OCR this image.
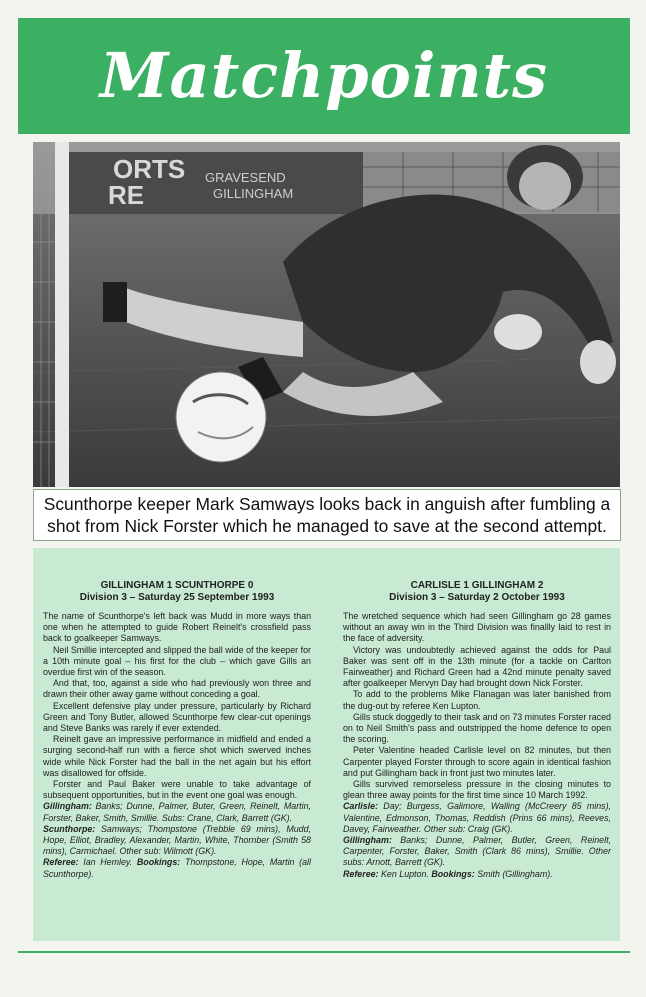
Matchpoints
ORTS
RE
GRAVESEND
GILLINGHAM

Scunthorpe keeper Mark Samways looks back in anguish after fumbling a shot from Nick Forster which he managed to save at the second attempt.

GILLINGHAM 1 SCUNTHORPE 0
Division 3 – Saturday 25 September 1993

The name of Scunthorpe's left back was Mudd in more ways than one when he attempted to guide Robert Reinelt's crossfield pass back to goalkeeper Samways.

Neil Smillie intercepted and slipped the ball wide of the keeper for a 10th minute goal – his first for the club – which gave Gills an overdue first win of the season.

And that, too, against a side who had previously won three and drawn their other away game without conceding a goal.

Excellent defensive play under pressure, particularly by Richard Green and Tony Butler, allowed Scunthorpe few clear-cut openings and Steve Banks was rarely if ever extended.

Reinelt gave an impressive performance in midfield and ended a surging second-half run with a fierce shot which swerved inches wide while Nick Forster had the ball in the net again but his effort was disallowed for offside.

Forster and Paul Baker were unable to take advantage of subsequent opportunities, but in the event one goal was enough.

Gillingham: Banks; Dunne, Palmer, Buter, Green, Reinelt, Martin, Forster, Baker, Smith, Smillie. Subs: Crane, Clark, Barrett (GK).

Scunthorpe: Samways; Thompstone (Trebble 69 mins), Mudd, Hope, Elliot, Bradley, Alexander, Martin, White, Thornber (Smith 58 mins), Carmichael. Other sub: Wilmott (GK).

Referee: Ian Hemley. Bookings: Thompstone, Hope, Martin (all Scunthorpe).

CARLISLE 1 GILLINGHAM 2
Division 3 – Saturday 2 October 1993

The wretched sequence which had seen Gillingham go 28 games without an away win in the Third Division was finallly laid to rest in the face of adversity.

Victory was undoubtedly achieved against the odds for Paul Baker was sent off in the 13th minute (for a tackle on Carlton Fairweather) and Richard Green had a 42nd minute penalty saved after goalkeeper Mervyn Day had brought down Nick Forster.

To add to the problems Mike Flanagan was later banished from the dug-out by referee Ken Lupton.

Gills stuck doggedly to their task and on 73 minutes Forster raced on to Neil Smith's pass and outstripped the home defence to open the scoring.

Peter Valentine headed Carlisle level on 82 minutes, but then Carpenter played Forster through to score again in identical fashion and put Gillingham back in front just two minutes later.

Gills survived remorseless pressure in the closing minutes to glean three away points for the first time since 10 March 1992.

Carlisle: Day; Burgess, Galimore, Walling (McCreery 85 mins), Valentine, Edmonson, Thomas, Reddish (Prins 66 mins), Reeves, Davey, Fairweather. Other sub: Craig (GK).

Gillingham: Banks; Dunne, Palmer, Butler, Green, Reinelt, Carpenter, Forster, Baker, Smith (Clark 86 mins), Smillie. Other subs: Arnott, Barrett (GK).

Referee: Ken Lupton. Bookings: Smith (Gillingham).
